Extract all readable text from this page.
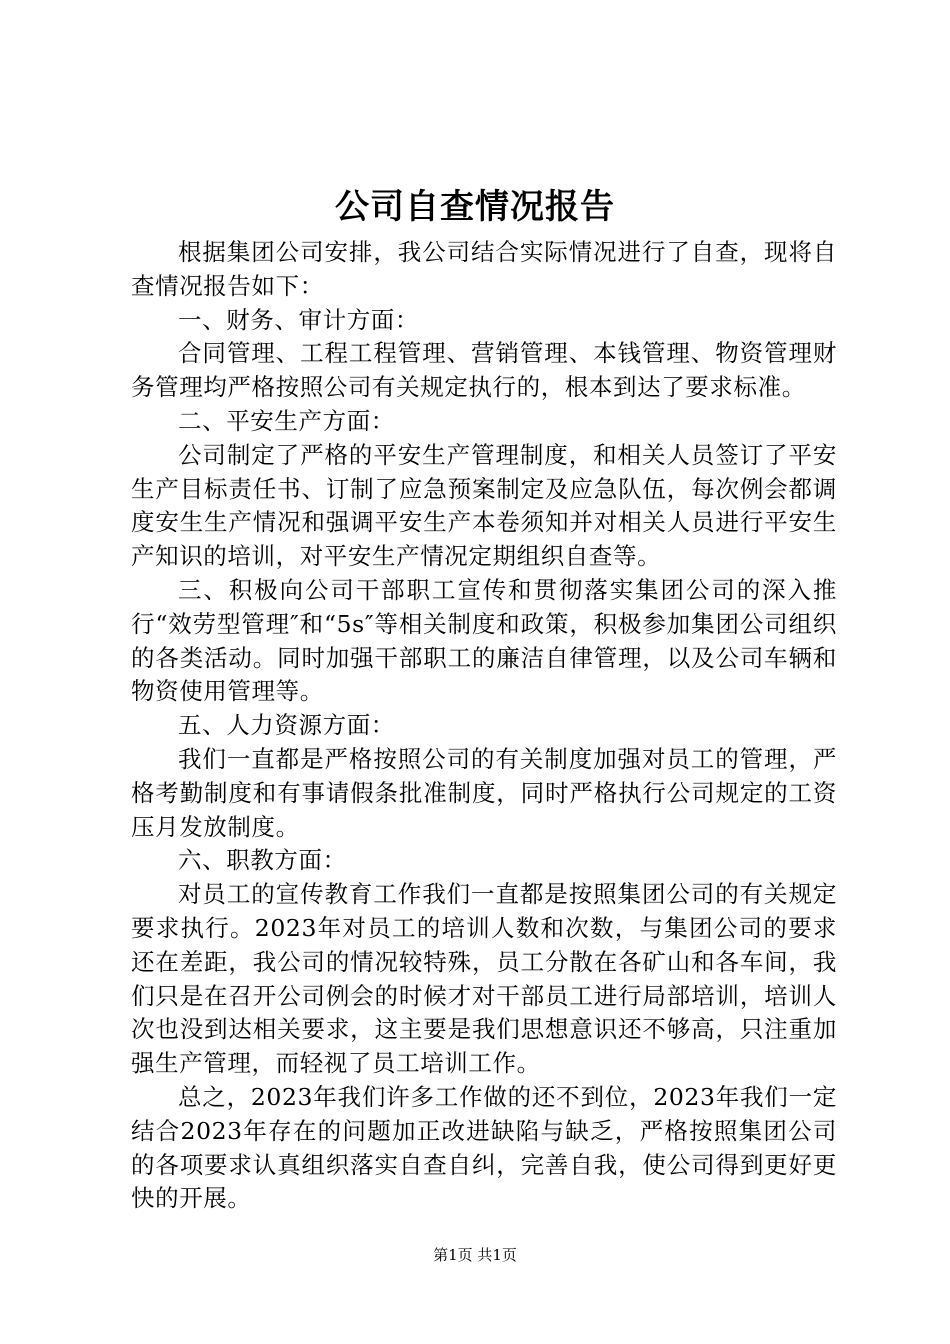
公司自查情况报告

根据集团公司安排，我公司结合实际情况进行了自查，现将自查情况报告如下：

一、财务、审计方面：

合同管理、工程工程管理、营销管理、本钱管理、物资管理财务管理均严格按照公司有关规定执行的，根本到达了要求标准。

二、平安生产方面：

公司制定了严格的平安生产管理制度，和相关人员签订了平安生产目标责任书、订制了应急预案制定及应急队伍，每次例会都调度安生生产情况和强调平安生产本卷须知并对相关人员进行平安生产知识的培训，对平安生产情况定期组织自查等。

三、积极向公司干部职工宣传和贯彻落实集团公司的深入推行“效劳型管理″和“5s″等相关制度和政策，积极参加集团公司组织的各类活动。同时加强干部职工的廉洁自律管理，以及公司车辆和物资使用管理等。

五、人力资源方面：

我们一直都是严格按照公司的有关制度加强对员工的管理，严格考勤制度和有事请假条批准制度，同时严格执行公司规定的工资压月发放制度。

六、职教方面：

对员工的宣传教育工作我们一直都是按照集团公司的有关规定要求执行。2023年对员工的培训人数和次数，与集团公司的要求还在差距，我公司的情况较特殊，员工分散在各矿山和各车间，我们只是在召开公司例会的时候才对干部员工进行局部培训，培训人次也没到达相关要求，这主要是我们思想意识还不够高，只注重加强生产管理，而轻视了员工培训工作。

总之，2023年我们许多工作做的还不到位，2023年我们一定结合2023年存在的问题加正改进缺陷与缺乏，严格按照集团公司的各项要求认真组织落实自查自纠，完善自我，使公司得到更好更快的开展。

第1页 共1页
